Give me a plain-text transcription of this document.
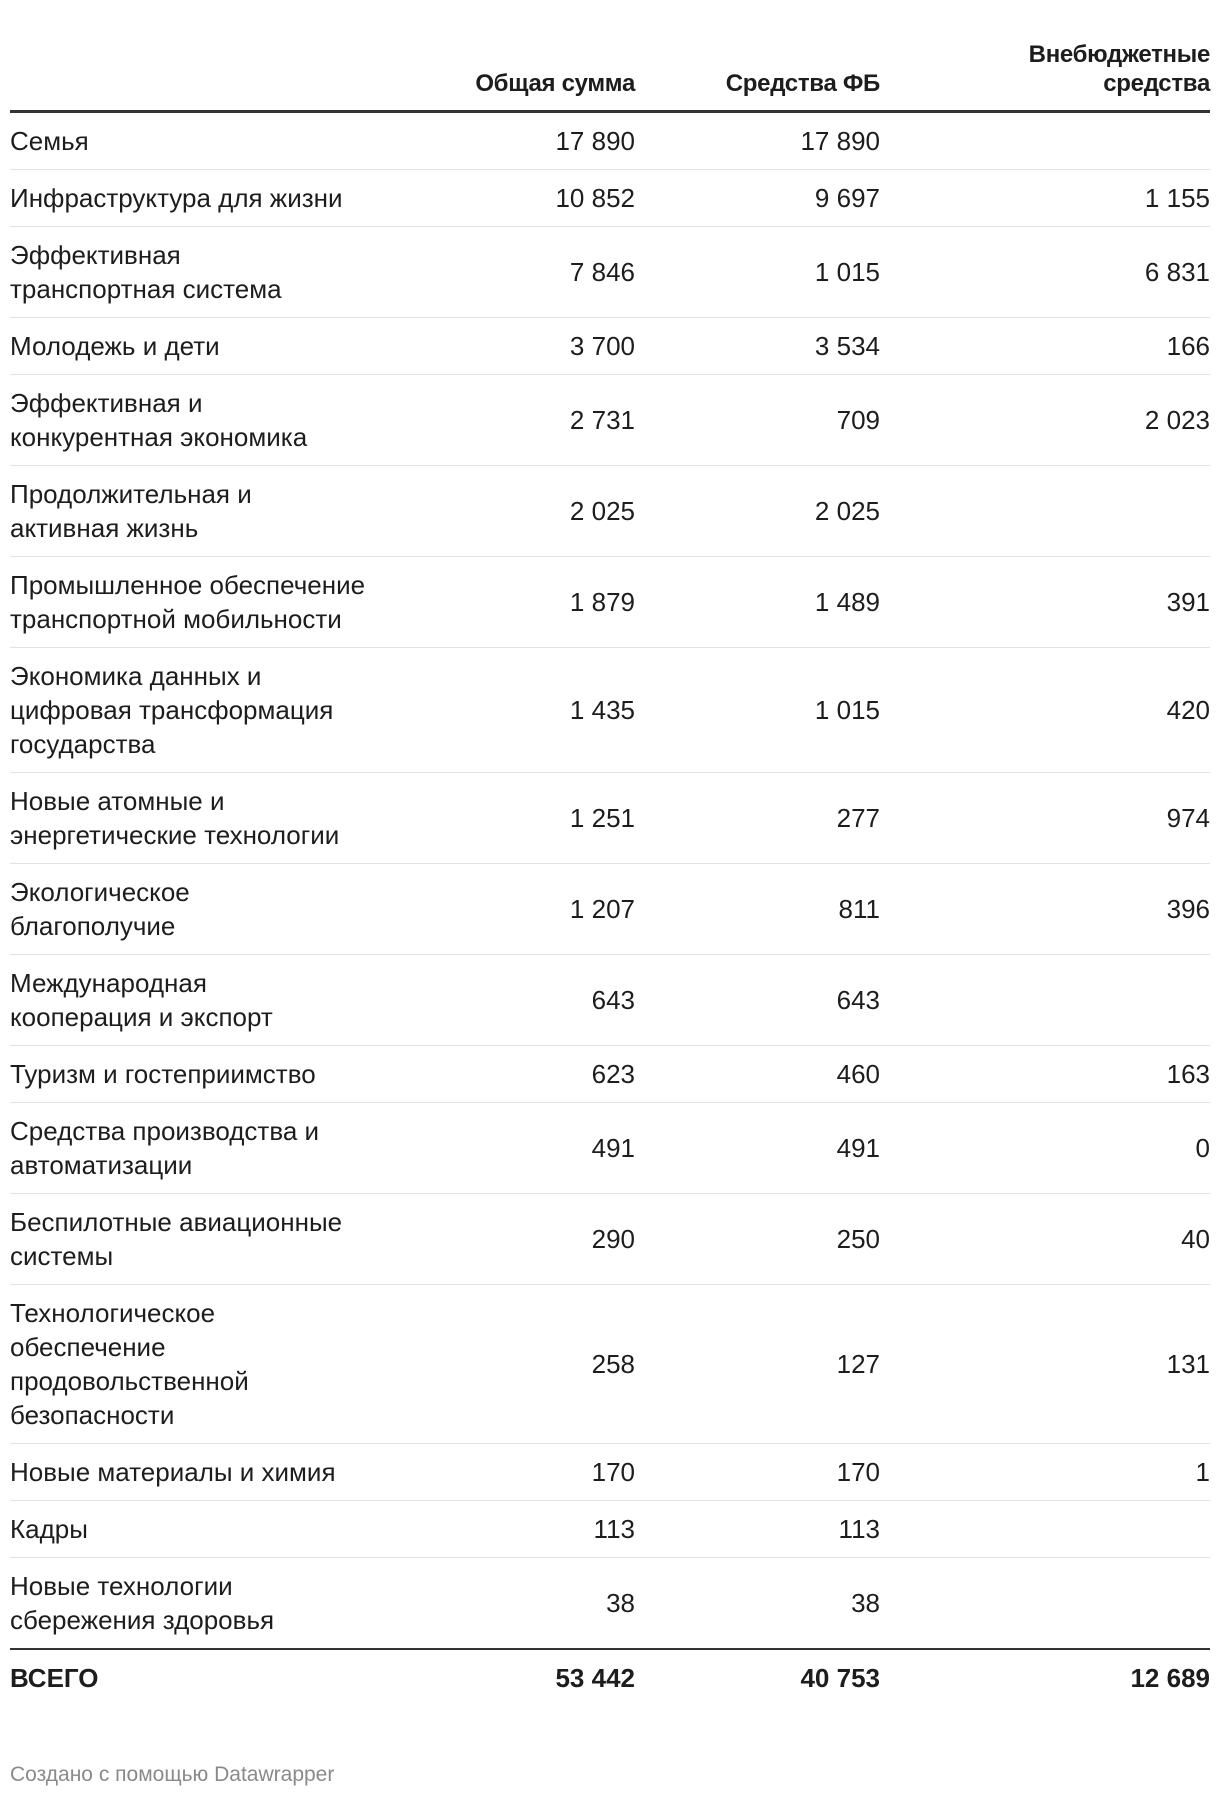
	Общая сумма	Средства ФБ	Внебюджетные
средства
Семья	17 890	17 890	
Инфраструктура для жизни	10 852	9 697	1 155
Эффективная транспортная система	7 846	1 015	6 831
Молодежь и дети	3 700	3 534	166
Эффективная и конкурентная экономика	2 731	709	2 023
Продолжительная и активная жизнь	2 025	2 025	
Промышленное обеспечение транспортной мобильности	1 879	1 489	391
Экономика данных и цифровая трансформация государства	1 435	1 015	420
Новые атомные и энергетические технологии	1 251	277	974
Экологическое благополучие	1 207	811	396
Международная кооперация и экспорт	643	643	
Туризм и гостеприимство	623	460	163
Средства производства и автоматизации	491	491	0
Беспилотные авиационные системы	290	250	40
Технологическое обеспечение продовольственной безопасности	258	127	131
Новые материалы и химия	170	170	1
Кадры	113	113	
Новые технологии сбережения здоровья	38	38	
ВСЕГО	53 442	40 753	12 689
Создано с помощью Datawrapper
